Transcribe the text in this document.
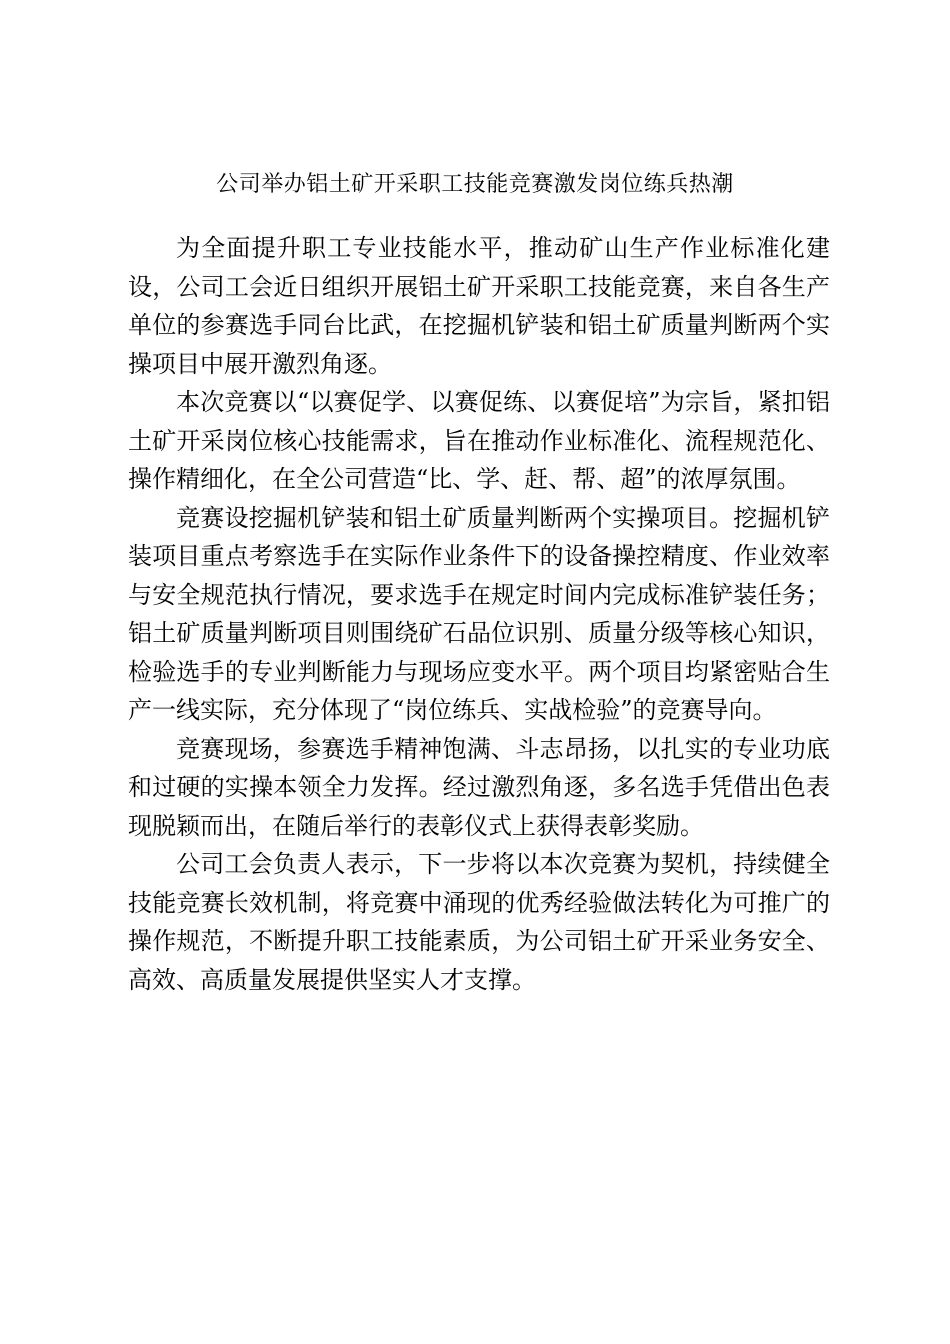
公司举办铝土矿开采职工技能竞赛激发岗位练兵热潮

为全面提升职工专业技能水平，推动矿山生产作业标准化建设，公司工会近日组织开展铝土矿开采职工技能竞赛，来自各生产单位的参赛选手同台比武，在挖掘机铲装和铝土矿质量判断两个实操项目中展开激烈角逐。

本次竞赛以“以赛促学、以赛促练、以赛促培”为宗旨，紧扣铝土矿开采岗位核心技能需求，旨在推动作业标准化、流程规范化、操作精细化，在全公司营造“比、学、赶、帮、超”的浓厚氛围。

竞赛设挖掘机铲装和铝土矿质量判断两个实操项目。挖掘机铲装项目重点考察选手在实际作业条件下的设备操控精度、作业效率与安全规范执行情况，要求选手在规定时间内完成标准铲装任务；铝土矿质量判断项目则围绕矿石品位识别、质量分级等核心知识，检验选手的专业判断能力与现场应变水平。两个项目均紧密贴合生产一线实际，充分体现了“岗位练兵、实战检验”的竞赛导向。

竞赛现场，参赛选手精神饱满、斗志昂扬，以扎实的专业功底和过硬的实操本领全力发挥。经过激烈角逐，多名选手凭借出色表现脱颖而出，在随后举行的表彰仪式上获得表彰奖励。

公司工会负责人表示，下一步将以本次竞赛为契机，持续健全技能竞赛长效机制，将竞赛中涌现的优秀经验做法转化为可推广的操作规范，不断提升职工技能素质，为公司铝土矿开采业务安全、高效、高质量发展提供坚实人才支撑。
